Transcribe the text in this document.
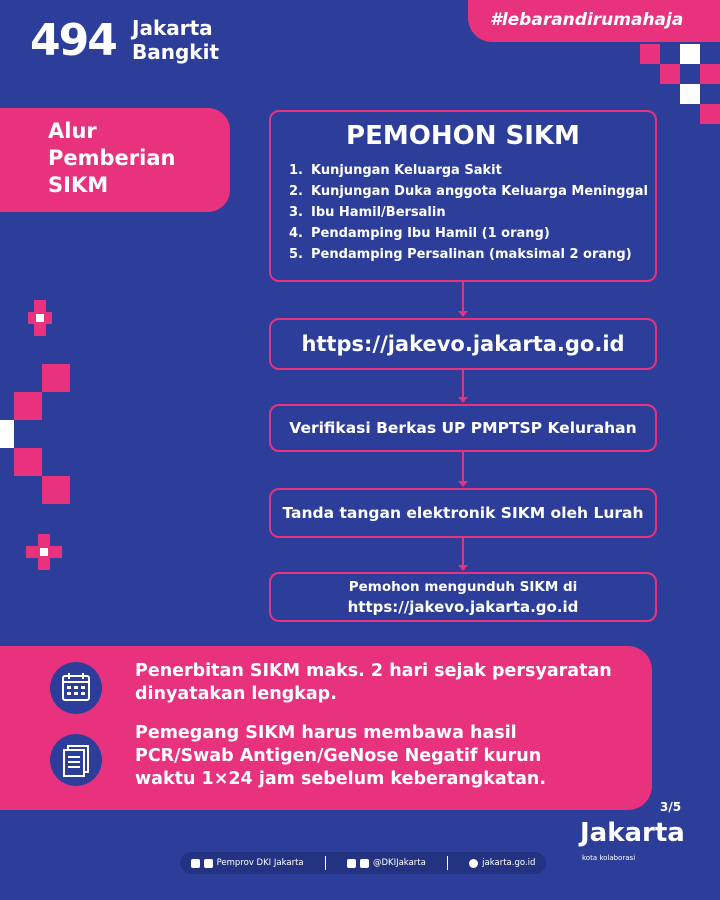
494 Jakarta
Bangkit
#lebarandirumahaja
Alur
Pemberian
SIKM
PEMOHON SIKM
1. Kunjungan Keluarga Sakit
2. Kunjungan Duka anggota Keluarga Meninggal
3. Ibu Hamil/Bersalin
4. Pendamping Ibu Hamil (1 orang)
5. Pendamping Persalinan (maksimal 2 orang)
https://jakevo.jakarta.go.id
Verifikasi Berkas UP PMPTSP Kelurahan
Tanda tangan elektronik SIKM oleh Lurah
Pemohon mengunduh SIKM di
https://jakevo.jakarta.go.id
Penerbitan SIKM maks. 2 hari sejak persyaratan
dinyatakan lengkap.
Pemegang SIKM harus membawa hasil
PCR/Swab Antigen/GeNose Negatif kurun
waktu 1×24 jam sebelum keberangkatan.
3/5
Jakarta
kota kolaborasi
Pemprov DKI Jakarta	@DKIJakarta	jakarta.go.id
